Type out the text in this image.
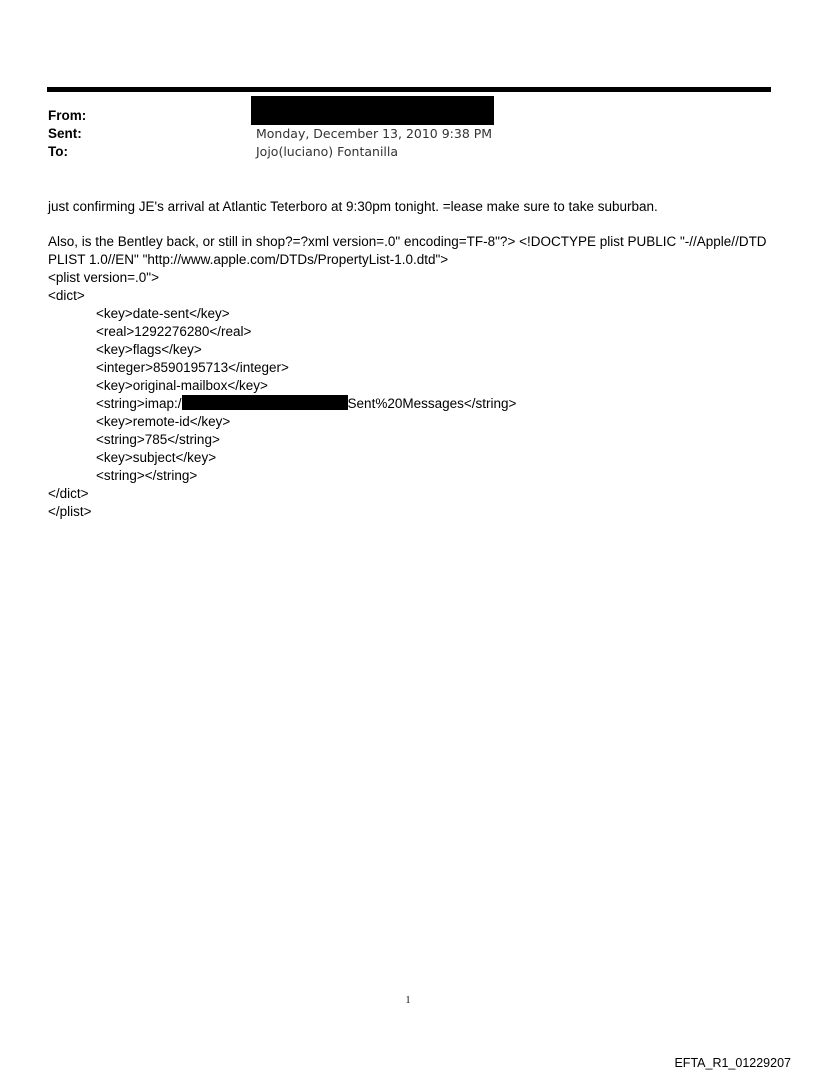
From:
Sent:	Monday, December 13, 2010 9:38 PM
To:	Jojo(luciano) Fontanilla

just confirming JE's arrival at Atlantic Teterboro at 9:30pm tonight. =lease make sure to take suburban.

Also, is the Bentley back, or still in shop?=?xml version=.0" encoding=TF-8"?> <!DOCTYPE plist PUBLIC "-//Apple//DTD PLIST 1.0//EN" "http://www.apple.com/DTDs/PropertyList-1.0.dtd">

<plist version=.0">
<dict>
<key>date-sent</key>
<real>1292276280</real>
<key>flags</key>
<integer>8590195713</integer>
<key>original-mailbox</key>
<string>imap:/	Sent%20Messages</string>
<key>remote-id</key>
<string>785</string>
<key>subject</key>
<string></string>
</dict>
</plist>
1
EFTA_R1_01229207
